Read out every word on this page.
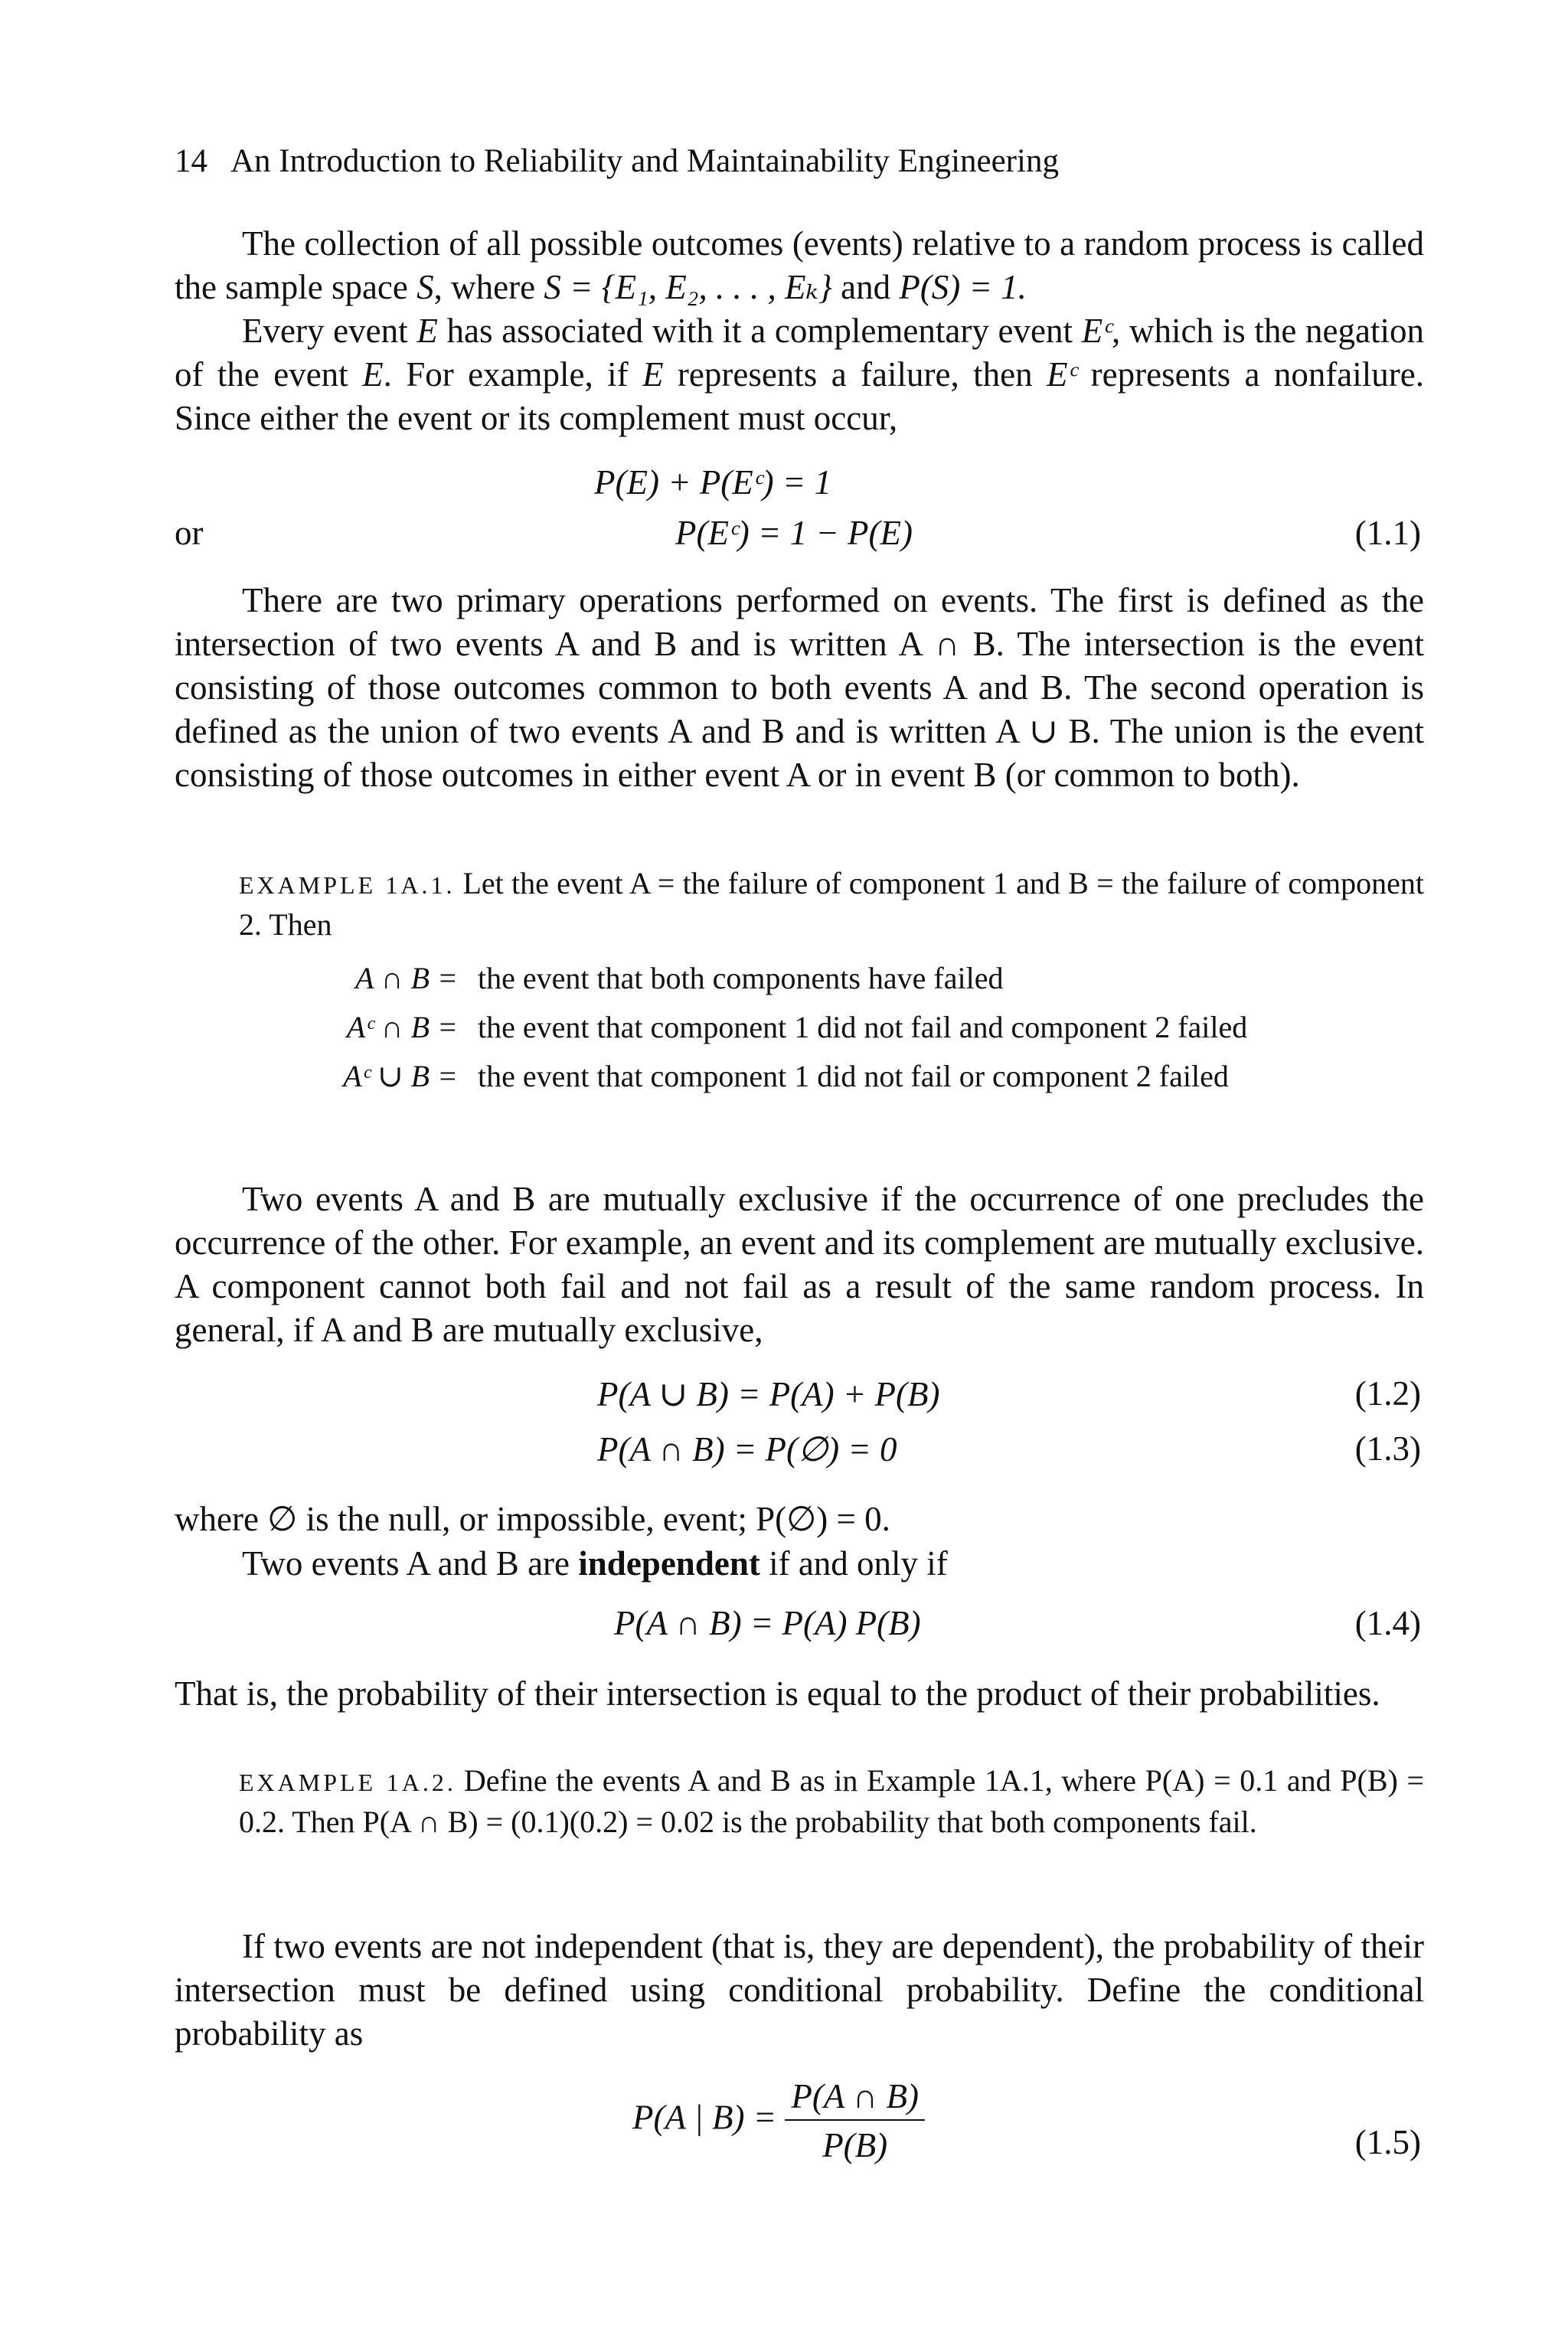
14 An Introduction to Reliability and Maintainability Engineering
The collection of all possible outcomes (events) relative to a random process is called the sample space S, where S = {E₁, E₂, . . . , Eₖ} and P(S) = 1.
Every event E has associated with it a complementary event Eᶜ, which is the negation of the event E. For example, if E represents a failure, then Eᶜ represents a nonfailure. Since either the event or its complement must occur,
P(E) + P(Eᶜ) = 1
or	P(Eᶜ) = 1 − P(E)	(1.1)
There are two primary operations performed on events. The first is defined as the intersection of two events A and B and is written A ∩ B. The intersection is the event consisting of those outcomes common to both events A and B. The second operation is defined as the union of two events A and B and is written A ∪ B. The union is the event consisting of those outcomes in either event A or in event B (or common to both).
EXAMPLE 1A.1. Let the event A = the failure of component 1 and B = the failure of component 2. Then
A ∩ B = the event that both components have failed
Aᶜ ∩ B = the event that component 1 did not fail and component 2 failed
Aᶜ ∪ B = the event that component 1 did not fail or component 2 failed
Two events A and B are mutually exclusive if the occurrence of one precludes the occurrence of the other. For example, an event and its complement are mutually exclusive. A component cannot both fail and not fail as a result of the same random process. In general, if A and B are mutually exclusive,
P(A ∪ B) = P(A) + P(B)	(1.2)
P(A ∩ B) = P(∅) = 0	(1.3)
where ∅ is the null, or impossible, event; P(∅) = 0.
Two events A and B are independent if and only if
P(A ∩ B) = P(A) P(B)	(1.4)
That is, the probability of their intersection is equal to the product of their probabilities.
EXAMPLE 1A.2. Define the events A and B as in Example 1A.1, where P(A) = 0.1 and P(B) = 0.2. Then P(A ∩ B) = (0.1)(0.2) = 0.02 is the probability that both components fail.
If two events are not independent (that is, they are dependent), the probability of their intersection must be defined using conditional probability. Define the conditional probability as
P(A | $B) = \frac{P(A \cap B)}{P(B)}$	(1.5)
